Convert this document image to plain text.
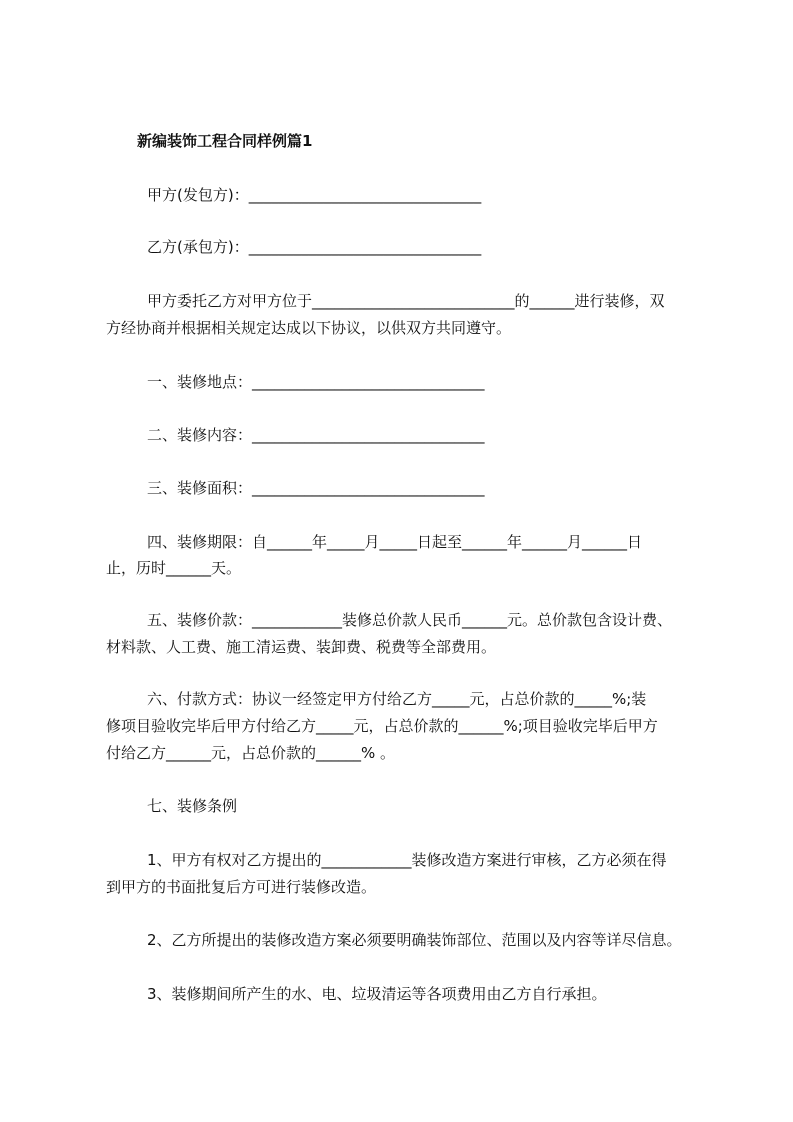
新编装饰工程合同样例篇1
甲方(发包方)：_______________________________
乙方(承包方)：_______________________________
甲方委托乙方对甲方位于___________________________的______进行装修，双
方经协商并根据相关规定达成以下协议，以供双方共同遵守。
一、装修地点：_______________________________
二、装修内容：_______________________________
三、装修面积：_______________________________
四、装修期限：自______年_____月_____日起至______年______月______日
止，历时______天。
五、装修价款：____________装修总价款人民币______元。总价款包含设计费、
材料款、人工费、施工清运费、装卸费、税费等全部费用。
六、付款方式：协议一经签定甲方付给乙方_____元，占总价款的_____%;装
修项目验收完毕后甲方付给乙方_____元，占总价款的______%;项目验收完毕后甲方
付给乙方______元，占总价款的______% 。
七、装修条例
1、甲方有权对乙方提出的____________装修改造方案进行审核，乙方必须在得
到甲方的书面批复后方可进行装修改造。
2、乙方所提出的装修改造方案必须要明确装饰部位、范围以及内容等详尽信息。
3、装修期间所产生的水、电、垃圾清运等各项费用由乙方自行承担。
